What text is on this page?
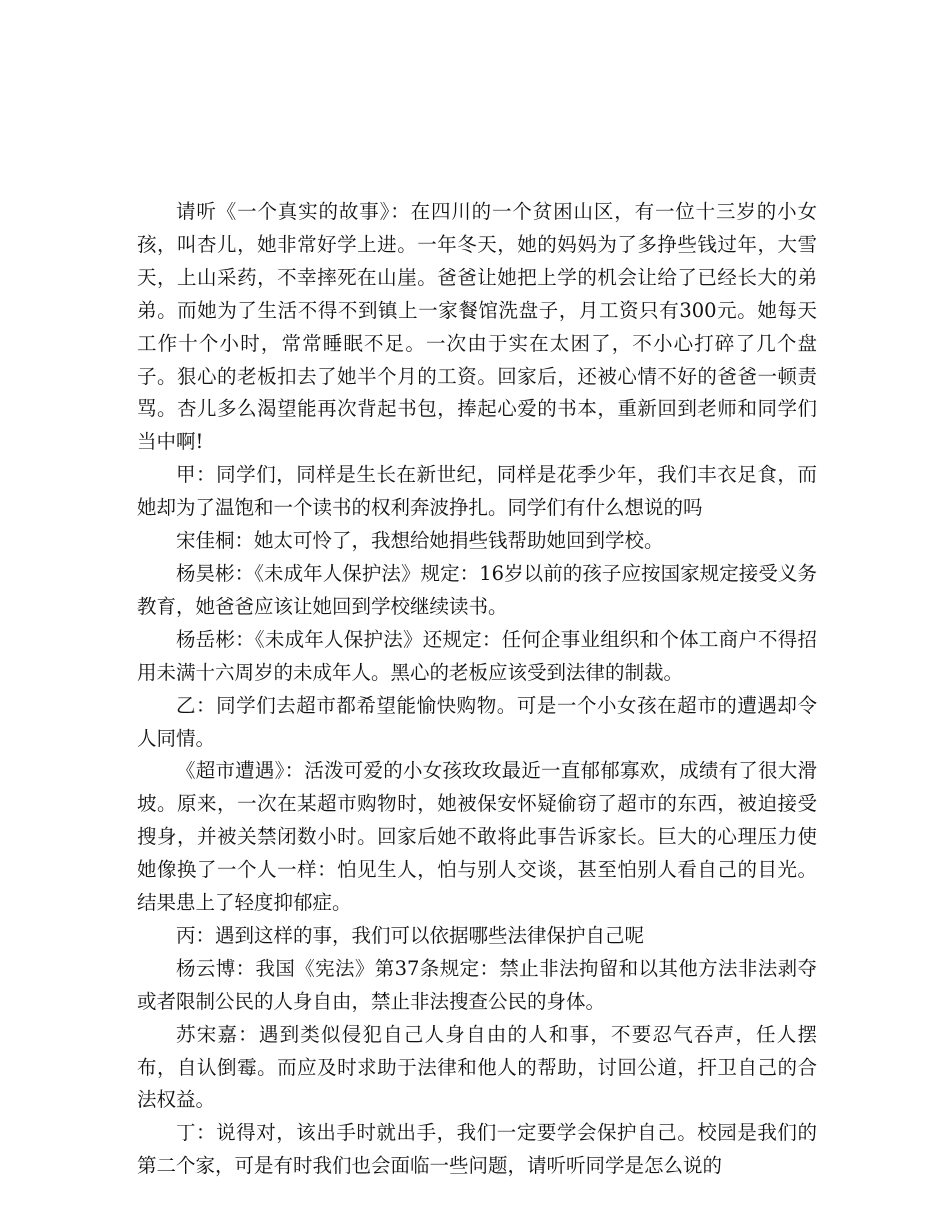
请听《一个真实的故事》：在四川的一个贫困山区，有一位十三岁的小女孩，叫杏儿，她非常好学上进。一年冬天，她的妈妈为了多挣些钱过年，大雪天，上山采药，不幸摔死在山崖。爸爸让她把上学的机会让给了已经长大的弟弟。而她为了生活不得不到镇上一家餐馆洗盘子，月工资只有300元。她每天工作十个小时，常常睡眠不足。一次由于实在太困了，不小心打碎了几个盘子。狠心的老板扣去了她半个月的工资。回家后，还被心情不好的爸爸一顿责骂。杏儿多么渴望能再次背起书包，捧起心爱的书本，重新回到老师和同学们当中啊!

甲：同学们，同样是生长在新世纪，同样是花季少年，我们丰衣足食，而她却为了温饱和一个读书的权利奔波挣扎。同学们有什么想说的吗

宋佳桐：她太可怜了，我想给她捐些钱帮助她回到学校。

杨昊彬：《未成年人保护法》规定：16岁以前的孩子应按国家规定接受义务教育，她爸爸应该让她回到学校继续读书。

杨岳彬：《未成年人保护法》还规定：任何企事业组织和个体工商户不得招用未满十六周岁的未成年人。黑心的老板应该受到法律的制裁。

乙：同学们去超市都希望能愉快购物。可是一个小女孩在超市的遭遇却令人同情。

《超市遭遇》：活泼可爱的小女孩玫玫最近一直郁郁寡欢，成绩有了很大滑坡。原来，一次在某超市购物时，她被保安怀疑偷窃了超市的东西，被迫接受搜身，并被关禁闭数小时。回家后她不敢将此事告诉家长。巨大的心理压力使她像换了一个人一样：怕见生人，怕与别人交谈，甚至怕别人看自己的目光。结果患上了轻度抑郁症。

丙：遇到这样的事，我们可以依据哪些法律保护自己呢

杨云博：我国《宪法》第37条规定：禁止非法拘留和以其他方法非法剥夺或者限制公民的人身自由，禁止非法搜查公民的身体。

苏宋嘉：遇到类似侵犯自己人身自由的人和事，不要忍气吞声，任人摆布，自认倒霉。而应及时求助于法律和他人的帮助，讨回公道，扞卫自己的合法权益。

丁：说得对，该出手时就出手，我们一定要学会保护自己。校园是我们的第二个家，可是有时我们也会面临一些问题，请听听同学是怎么说的
